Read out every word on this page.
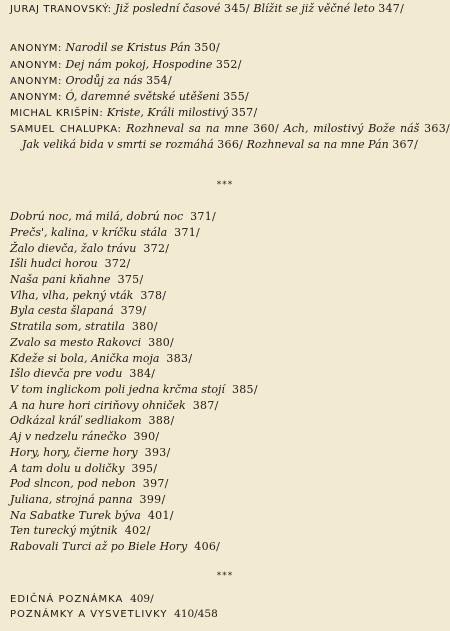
JURAJ TRANOVSKÝ: Již poslední časové 345/ Blížit se již věčné leto 347/
ANONYM: Narodil se Kristus Pán 350/
ANONYM: Dej nám pokoj, Hospodine 352/
ANONYM: Orodůj za nás 354/
ANONYM: Ó, daremné světské utěšeni 355/
MICHAL KRIŠPÍN: Kriste, Králi milostivý 357/
SAMUEL CHALUPKA: Rozhneval sa na mne 360/ Ach, milostivý Bože náš 363/ Jak veliká bida v smrti se rozmáhá 366/ Rozhneval sa na mne Pán 367/
***
Dobrú noc, má milá, dobrú noc 371/
Prečs', kalina, v kríčku stála 371/
Žalo dievča, žalo trávu 372/
Išli hudci horou 372/
Naša pani kňahne 375/
Vlha, vlha, pekný vták 378/
Byla cesta šlapaná 379/
Stratila som, stratila 380/
Zvalo sa mesto Rakovci 380/
Kdeže si bola, Anička moja 383/
Išlo dievča pre vodu 384/
V tom inglickom poli jedna krčma stojí 385/
A na hure hori ciriňovy ohniček 387/
Odkázal kráľ sedliakom 388/
Aj v nedzelu ránečko 390/
Hory, hory, čierne hory 393/
A tam dolu u doličky 395/
Pod slncon, pod nebon 397/
Juliana, strojná panna 399/
Na Sabatke Turek býva 401/
Ten turecký mýtnik 402/
Rabovali Turci až po Biele Hory 406/
***
EDIČNÁ POZNÁMKA 409/
POZNÁMKY A VYSVETLIVKY 410/458
